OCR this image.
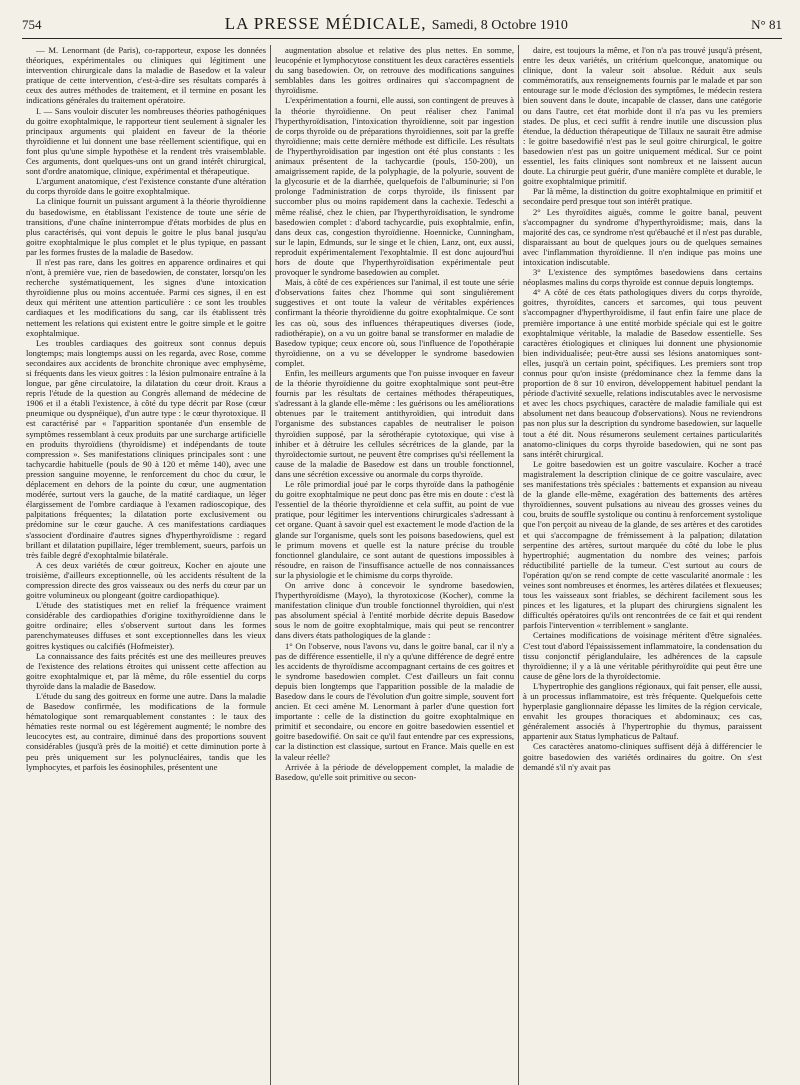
754	LA PRESSE MÉDICALE, Samedi, 8 Octobre 1910	N° 81

— M. Lenormant (de Paris), co-rapporteur, expose les données théoriques, expérimentales ou cliniques qui légitiment une intervention chirurgicale dans la maladie de Basedow et la valeur pratique de cette intervention, c'est-à-dire ses résultats comparés à ceux des autres méthodes de traitement, et il termine en posant les indications générales du traitement opératoire.

I. — Sans vouloir discuter les nombreuses théories pathogéniques du goitre exophtalmique, le rapporteur tient seulement à signaler les principaux arguments qui plaident en faveur de la théorie thyroïdienne et lui donnent une base réellement scientifique, qui en font plus qu'une simple hypothèse et la rendent très vraisemblable. Ces arguments, dont quelques-uns ont un grand intérêt chirurgical, sont d'ordre anatomique, clinique, expérimental et thérapeutique.

L'argument anatomique, c'est l'existence constante d'une altération du corps thyroïde dans le goitre exophtalmique.

La clinique fournit un puissant argument à la théorie thyroïdienne du basedowisme, en établissant l'existence de toute une série de transitions, d'une chaîne ininterrompue d'états morbides de plus en plus caractérisés, qui vont depuis le goitre le plus banal jusqu'au goitre exophtalmique le plus complet et le plus typique, en passant par les formes frustes de la maladie de Basedow.

Il n'est pas rare, dans les goitres en apparence ordinaires et qui n'ont, à première vue, rien de basedowien, de constater, lorsqu'on les recherche systématiquement, les signes d'une intoxication thyroïdienne plus ou moins accentuée. Parmi ces signes, il en est deux qui méritent une attention particulière : ce sont les troubles cardiaques et les modifications du sang, car ils établissent très nettement les relations qui existent entre le goitre simple et le goitre exophtalmique.

Les troubles cardiaques des goitreux sont connus depuis longtemps; mais longtemps aussi on les regarda, avec Rose, comme secondaires aux accidents de bronchite chronique avec emphysème, si fréquents dans les vieux goitres : la lésion pulmonaire entraîne à la longue, par gêne circulatoire, la dilatation du cœur droit. Kraus a repris l'étude de la question au Congrès allemand de médecine de 1906 et il a établi l'existence, à côté du type décrit par Rose (cœur pneumique ou dyspnéique), d'un autre type : le cœur thyrotoxique. Il est caractérisé par « l'apparition spontanée d'un ensemble de symptômes ressemblant à ceux produits par une surcharge artificielle en produits thyroïdiens (thyroïdisme) et indépendants de toute compression ». Ses manifestations cliniques principales sont : une tachycardie habituelle (pouls de 90 à 120 et même 140), avec une pression sanguine moyenne, le renforcement du choc du cœur, le déplacement en dehors de la pointe du cœur, une augmentation modérée, surtout vers la gauche, de la matité cardiaque, un léger élargissement de l'ombre cardiaque à l'examen radioscopique, des palpitations fréquentes; la dilatation porte exclusivement ou prédomine sur le cœur gauche. A ces manifestations cardiaques s'associent d'ordinaire d'autres signes d'hyperthyroïdisme : regard brillant et dilatation pupillaire, léger tremblement, sueurs, parfois un très faible degré d'exophtalmie bilatérale.

A ces deux variétés de cœur goitreux, Kocher en ajoute une troisième, d'ailleurs exceptionnelle, où les accidents résultent de la compression directe des gros vaisseaux ou des nerfs du cœur par un goitre volumineux ou plongeant (goitre cardiopathique).

L'étude des statistiques met en relief la fréquence vraiment considérable des cardiopathies d'origine toxithyroïdienne dans le goitre ordinaire; elles s'observent surtout dans les formes parenchymateuses diffuses et sont exceptionnelles dans les vieux goitres kystiques ou calcifiés (Hofmeister).

La connaissance des faits précités est une des meilleures preuves de l'existence des relations étroites qui unissent cette affection au goitre exophtalmique et, par là même, du rôle essentiel du corps thyroïde dans la maladie de Basedow.

L'étude du sang des goitreux en forme une autre. Dans la maladie de Basedow confirmée, les modifications de la formule hématologique sont remarquablement constantes : le taux des hématies reste normal ou est légèrement augmenté; le nombre des leucocytes est, au contraire, diminué dans des proportions souvent considérables (jusqu'à près de la moitié) et cette diminution porte à peu près uniquement sur les polynucléaires, tandis que les lymphocytes, et parfois les éosinophiles, présentent une

augmentation absolue et relative des plus nettes. En somme, leucopénie et lymphocytose constituent les deux caractères essentiels du sang basedowien. Or, on retrouve des modifications sanguines semblables dans les goitres ordinaires qui s'accompagnent de thyroïdisme.

L'expérimentation a fourni, elle aussi, son contingent de preuves à la théorie thyroïdienne. On peut réaliser chez l'animal l'hyperthyroïdisation, l'intoxication thyroïdienne, soit par ingestion de corps thyroïde ou de préparations thyroïdiennes, soit par la greffe thyroïdienne; mais cette dernière méthode est difficile. Les résultats de l'hyperthyroïdisation par ingestion ont été plus constants : les animaux présentent de la tachycardie (pouls, 150-200), un amaigrissement rapide, de la polyphagie, de la polyurie, souvent de la glycosurie et de la diarrhée, quelquefois de l'albuminurie; si l'on prolonge l'administration de corps thyroïde, ils finissent par succomber plus ou moins rapidement dans la cachexie. Tedeschi a même réalisé, chez le chien, par l'hyperthyroïdisation, le syndrome basedowien complet : d'abord tachycardie, puis exophtalmie, enfin, dans deux cas, congestion thyroïdienne. Hoennicke, Cunningham, sur le lapin, Edmunds, sur le singe et le chien, Lanz, ont, eux aussi, reproduit expérimentalement l'exophtalmie. Il est donc aujourd'hui hors de doute que l'hyperthyroïdisation expérimentale peut provoquer le syndrome basedowien au complet.

Mais, à côté de ces expériences sur l'animal, il est toute une série d'observations faites chez l'homme qui sont singulièrement suggestives et ont toute la valeur de véritables expériences confirmant la théorie thyroïdienne du goitre exophtalmique. Ce sont les cas où, sous des influences thérapeutiques diverses (iode, radiothérapie), on a vu un goitre banal se transformer en maladie de Basedow typique; ceux encore où, sous l'influence de l'opothérapie thyroïdienne, on a vu se développer le syndrome basedowien complet.

Enfin, les meilleurs arguments que l'on puisse invoquer en faveur de la théorie thyroïdienne du goitre exophtalmique sont peut-être fournis par les résultats de certaines méthodes thérapeutiques, s'adressant à la glande elle-même : les guérisons ou les améliorations obtenues par le traitement antithyroïdien, qui introduit dans l'organisme des substances capables de neutraliser le poison thyroïdien supposé, par la sérothérapie cytotoxique, qui vise à inhiber et à détruire les cellules sécrétrices de la glande, par la thyroïdectomie surtout, ne peuvent être comprises qu'si réellement la cause de la maladie de Basedow est dans un trouble fonctionnel, dans une sécrétion excessive ou anormale du corps thyroïde.

Le rôle primordial joué par le corps thyroïde dans la pathogénie du goitre exophtalmique ne peut donc pas être mis en doute : c'est là l'essentiel de la théorie thyroïdienne et cela suffit, au point de vue pratique, pour légitimer les interventions chirurgicales s'adressant à cet organe. Quant à savoir quel est exactement le mode d'action de la glande sur l'organisme, quels sont les poisons basedowiens, quel est le primum movens et quelle est la nature précise du trouble fonctionnel glandulaire, ce sont autant de questions impossibles à résoudre, en raison de l'insuffisance actuelle de nos connaissances sur la physiologie et le chimisme du corps thyroïde.

On arrive donc à concevoir le syndrome basedowien, l'hyperthyroïdisme (Mayo), la thyrotoxicose (Kocher), comme la manifestation clinique d'un trouble fonctionnel thyroïdien, qui n'est pas absolument spécial à l'entité morbide décrite depuis Basedow sous le nom de goitre exophtalmique, mais qui peut se rencontrer dans divers états pathologiques de la glande :

1° On l'observe, nous l'avons vu, dans le goitre banal, car il n'y a pas de différence essentielle, il n'y a qu'une différence de degré entre les accidents de thyroïdisme accompagnant certains de ces goitres et le syndrome basedowien complet. C'est d'ailleurs un fait connu depuis bien longtemps que l'apparition possible de la maladie de Basedow dans le cours de l'évolution d'un goitre simple, souvent fort ancien. Et ceci amène M. Lenormant à parler d'une question fort importante : celle de la distinction du goitre exophtalmique en primitif et secondaire, ou encore en goitre basedowien essentiel et goitre basedowifié. On sait ce qu'il faut entendre par ces expressions, car la distinction est classique, surtout en France. Mais quelle en est la valeur réelle?

Arrivée à la période de développement complet, la maladie de Basedow, qu'elle soit primitive ou secon-

daire, est toujours la même, et l'on n'a pas trouvé jusqu'à présent, entre les deux variétés, un critérium quelconque, anatomique ou clinique, dont la valeur soit absolue. Réduit aux seuls commémoratifs, aux renseignements fournis par le malade et par son entourage sur le mode d'éclosion des symptômes, le médecin restera bien souvent dans le doute, incapable de classer, dans une catégorie ou dans l'autre, cet état morbide dont il n'a pas vu les premiers stades. De plus, et ceci suffit à rendre inutile une discussion plus étendue, la déduction thérapeutique de Tillaux ne saurait être admise : le goitre basedowifié n'est pas le seul goitre chirurgical, le goitre basedowien n'est pas un goitre uniquement médical. Sur ce point essentiel, les faits cliniques sont nombreux et ne laissent aucun doute. La chirurgie peut guérir, d'une manière complète et durable, le goitre exophtalmique primitif.

Par là même, la distinction du goitre exophtalmique en primitif et secondaire perd presque tout son intérêt pratique.

2° Les thyroïdites aiguës, comme le goitre banal, peuvent s'accompagner du syndrome d'hyperthyroïdisme; mais, dans la majorité des cas, ce syndrome n'est qu'ébauché et il n'est pas durable, disparaissant au bout de quelques jours ou de quelques semaines avec l'inflammation thyroïdienne. Il n'en indique pas moins une intoxication indiscutable.

3° L'existence des symptômes basedowiens dans certains néoplasmes malins du corps thyroïde est connue depuis longtemps.

4° A côté de ces états pathologiques divers du corps thyroïde, goitres, thyroïdites, cancers et sarcomes, qui tous peuvent s'accompagner d'hyperthyroïdisme, il faut enfin faire une place de première importance à une entité morbide spéciale qui est le goitre exophtalmique véritable, la maladie de Basedow essentielle. Ses caractères étiologiques et cliniques lui donnent une physionomie bien individualisée; peut-être aussi ses lésions anatomiques sont-elles, jusqu'à un certain point, spécifiques. Les premiers sont trop connus pour qu'on insiste (prédominance chez la femme dans la proportion de 8 sur 10 environ, développement habituel pendant la période d'activité sexuelle, relations indiscutables avec le nervosisme et avec les chocs psychiques, caractère de maladie familiale qui est absolument net dans beaucoup d'observations). Nous ne reviendrons pas non plus sur la description du syndrome basedowien, sur laquelle tout a été dit. Nous résumerons seulement certaines particularités anatomo-cliniques du corps thyroïde basedowien, qui ne sont pas sans intérêt chirurgical.

Le goitre basedowien est un goitre vasculaire. Kocher a tracé magistralement la description clinique de ce goitre vasculaire, avec ses manifestations très spéciales : battements et expansion au niveau de la glande elle-même, exagération des battements des artères thyroïdiennes, souvent pulsations au niveau des grosses veines du cou, bruits de souffle systolique ou continu à renforcement systolique que l'on perçoit au niveau de la glande, de ses artères et des carotides et qui s'accompagne de frémissement à la palpation; dilatation serpentine des artères, surtout marquée du côté du lobe le plus hypertrophié; augmentation du nombre des veines; parfois réductibilité partielle de la tumeur. C'est surtout au cours de l'opération qu'on se rend compte de cette vascularité anormale : les veines sont nombreuses et énormes, les artères dilatées et flexueuses; tous les vaisseaux sont friables, se déchirent facilement sous les pinces et les ligatures, et la plupart des chirurgiens signalent les difficultés opératoires qu'ils ont rencontrées de ce fait et qui rendent parfois l'intervention « terriblement » sanglante.

Certaines modifications de voisinage méritent d'être signalées. C'est tout d'abord l'épaississement inflammatoire, la condensation du tissu conjonctif périglandulaire, les adhérences de la capsule thyroïdienne; il y a là une véritable périthyroïdite qui peut être une cause de gêne lors de la thyroïdectomie.

L'hypertrophie des ganglions régionaux, qui fait penser, elle aussi, à un processus inflammatoire, est très fréquente. Quelquefois cette hyperplasie ganglionnaire dépasse les limites de la région cervicale, envahit les groupes thoraciques et abdominaux; ces cas, généralement associés à l'hypertrophie du thymus, paraissent appartenir aux Status lymphaticus de Paltauf.

Ces caractères anatomo-cliniques suffisent déjà à différencier le goitre basedowien des variétés ordinaires du goitre. On s'est demandé s'il n'y avait pas
